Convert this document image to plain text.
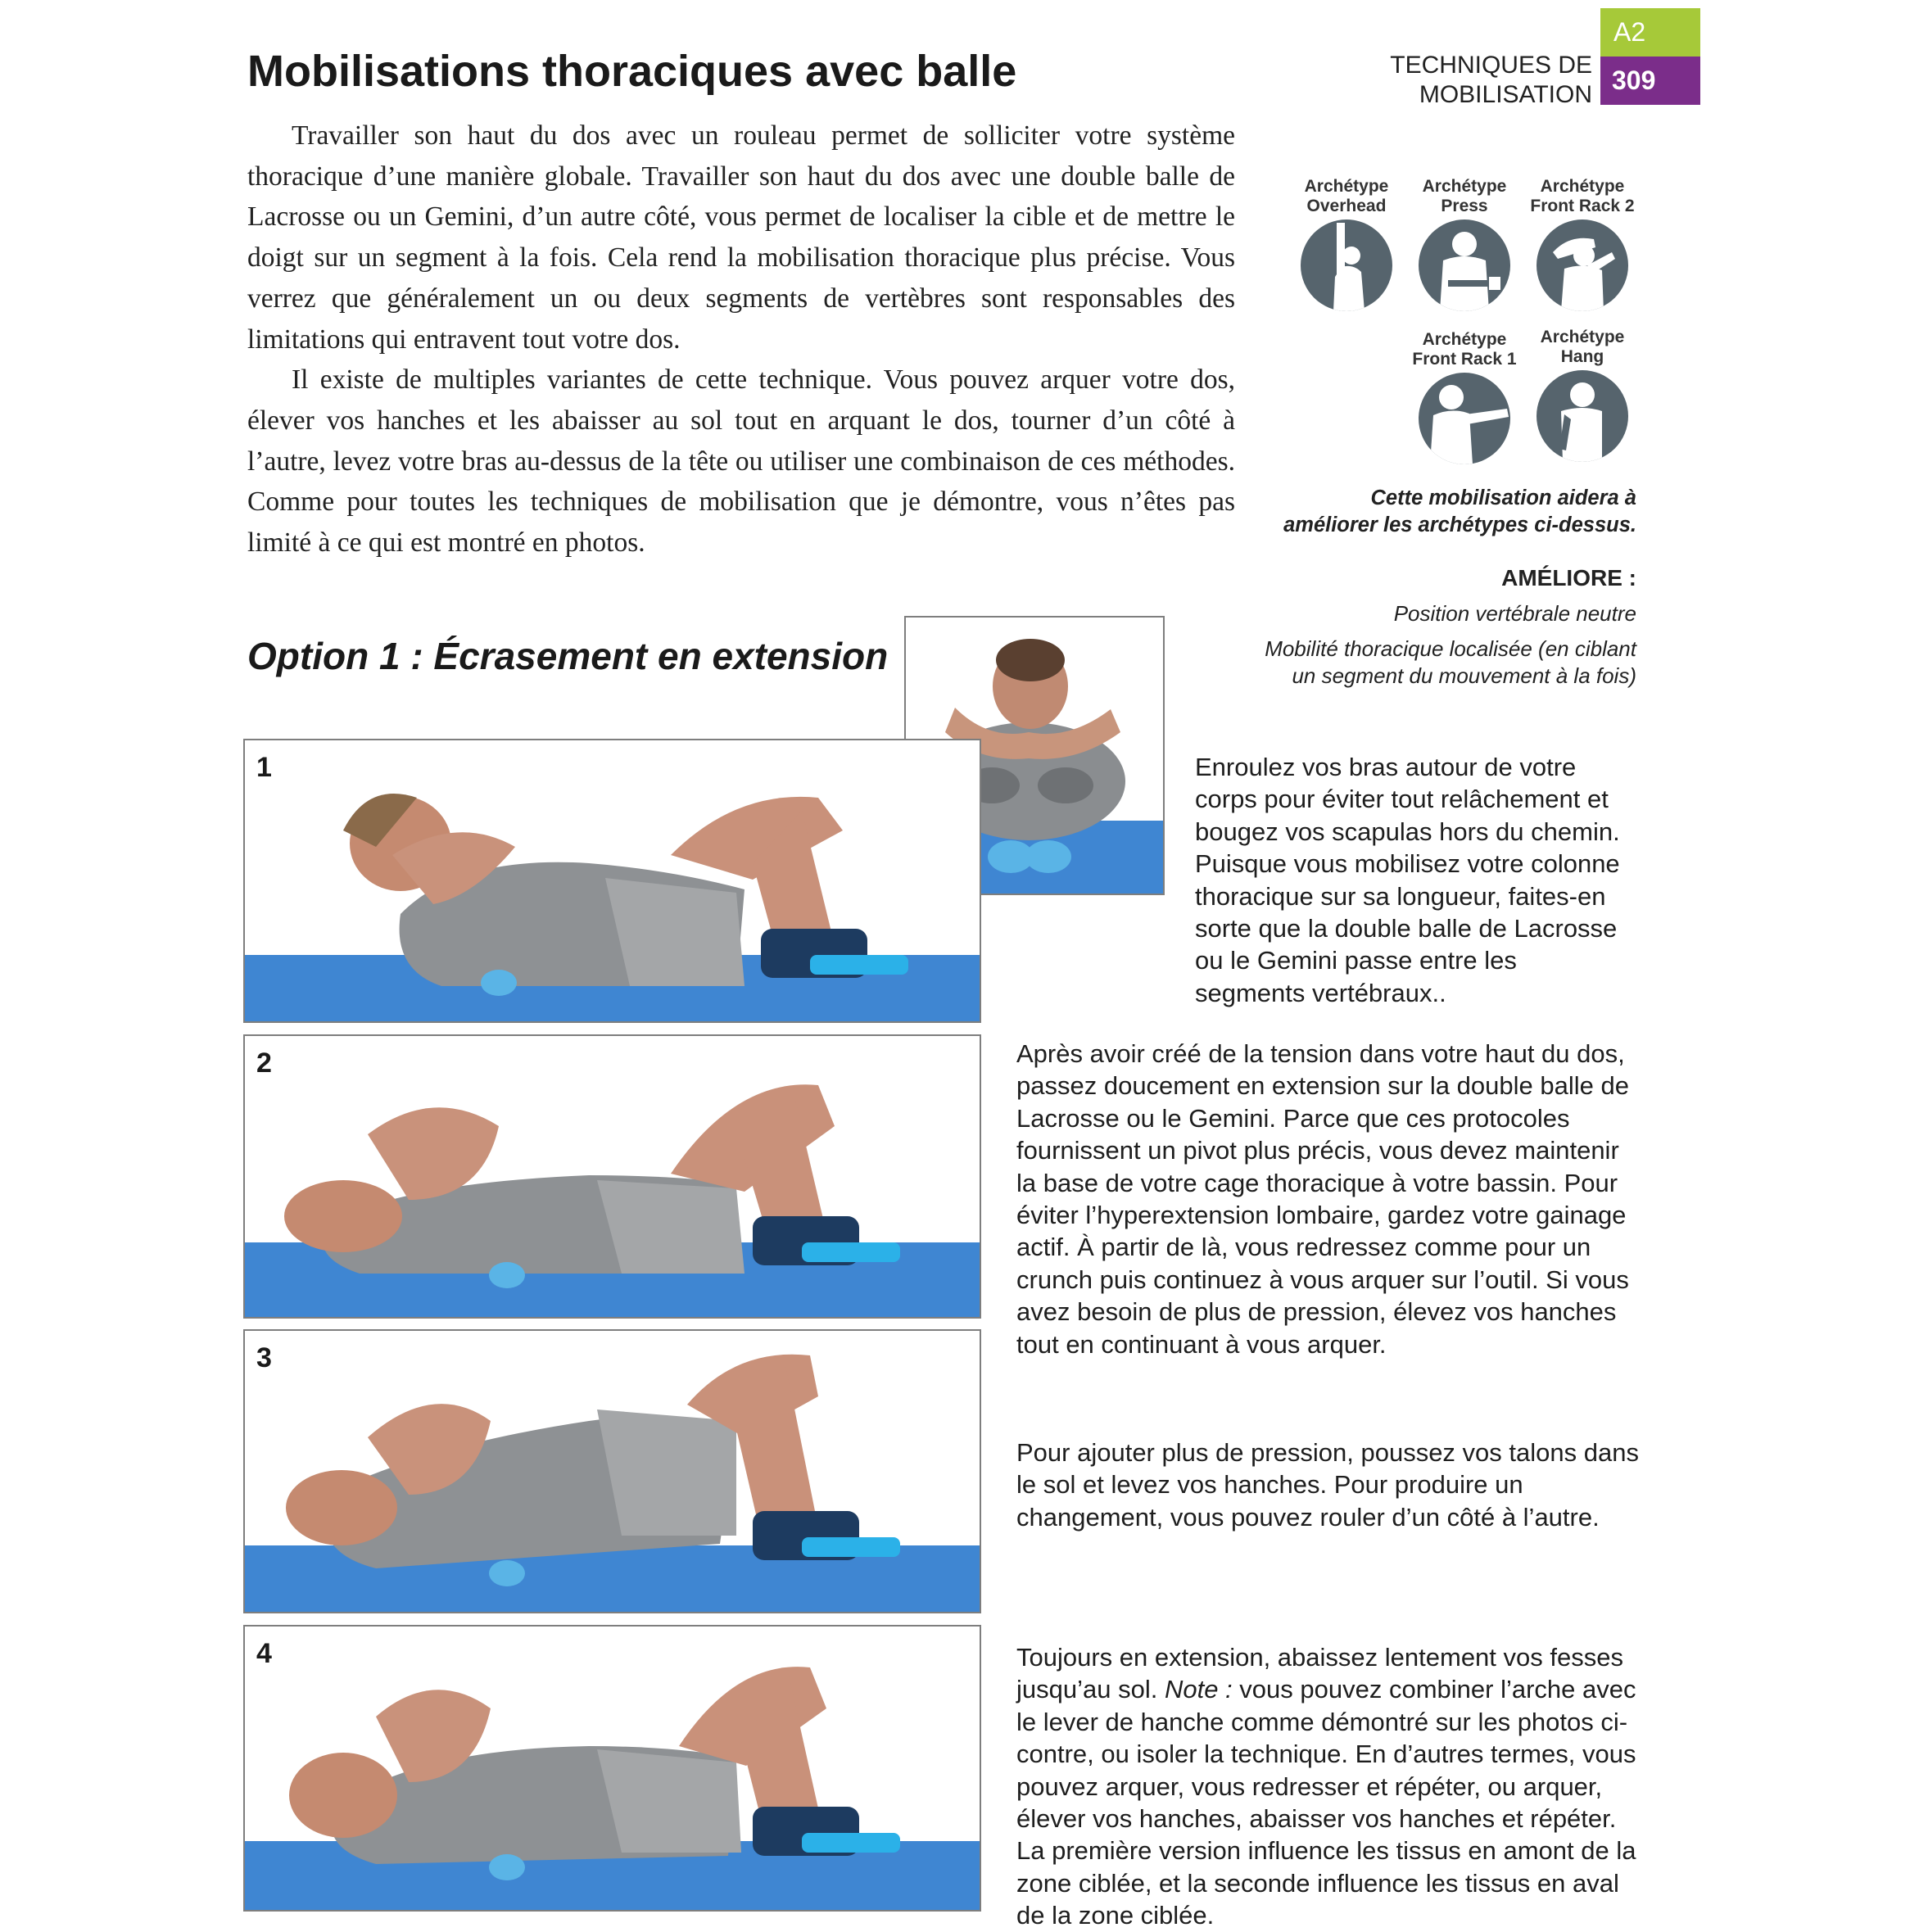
Mobilisations thoraciques avec balle	TECHNIQUES DE
MOBILISATION
A2
309

Travailler son haut du dos avec un rouleau permet de solliciter votre système thoracique d’une manière globale. Travailler son haut du dos avec une double balle de Lacrosse ou un Gemini, d’un autre côté, vous permet de localiser la cible et de mettre le doigt sur un segment à la fois. Cela rend la mobilisation thoracique plus précise. Vous verrez que généralement un ou deux segments de vertèbres sont responsables des limitations qui entravent tout votre dos.

Il existe de multiples variantes de cette technique. Vous pouvez arquer votre dos, élever vos hanches et les abaisser au sol tout en arquant le dos, tourner d’un côté à l’autre, levez votre bras au-dessus de la tête ou utiliser une combinaison de ces méthodes. Comme pour toutes les techniques de mobilisation que je démontre, vous n’êtes pas limité à ce qui est montré en photos.

Archétype
Overhead
Archétype
Press
Archétype
Front Rack 2
Archétype
Front Rack 1
Archétype
Hang
Cette mobilisation aidera à
améliorer les archétypes ci-dessus.
AMÉLIORE :
Position vertébrale neutre
Mobilité thoracique localisée (en ciblant un segment du mouvement à la fois)
Option 1 : Écrasement en extension
Enroulez vos bras autour de votre corps pour éviter tout relâchement et bougez vos scapulas hors du chemin. Puisque vous mobilisez votre colonne thoracique sur sa longueur, faites-en sorte que la double balle de Lacrosse ou le Gemini passe entre les segments vertébraux..
1
2	Après avoir créé de la tension dans votre haut du dos, passez doucement en extension sur la double balle de Lacrosse ou le Gemini. Parce que ces protocoles fournissent un pivot plus précis, vous devez maintenir la base de votre cage thoracique à votre bassin. Pour éviter l’hyperextension lombaire, gardez votre gainage actif. À partir de là, vous redressez comme pour un crunch puis continuez à vous arquer sur l’outil. Si vous avez besoin de plus de pression, élevez vos hanches tout en continuant à vous arquer.
3
Pour ajouter plus de pression, poussez vos talons dans le sol et levez vos hanches. Pour produire un changement, vous pouvez rouler d’un côté à l’autre.
4	Toujours en extension, abaissez lentement vos fesses jusqu’au sol. Note : vous pouvez combiner l’arche avec le lever de hanche comme démontré sur les photos ci-contre, ou isoler la technique. En d’autres termes, vous pouvez arquer, vous redresser et répéter, ou arquer, élever vos hanches, abaisser vos hanches et répéter. La première version influence les tissus en amont de la zone ciblée, et la seconde influence les tissus en aval de la zone ciblée.
